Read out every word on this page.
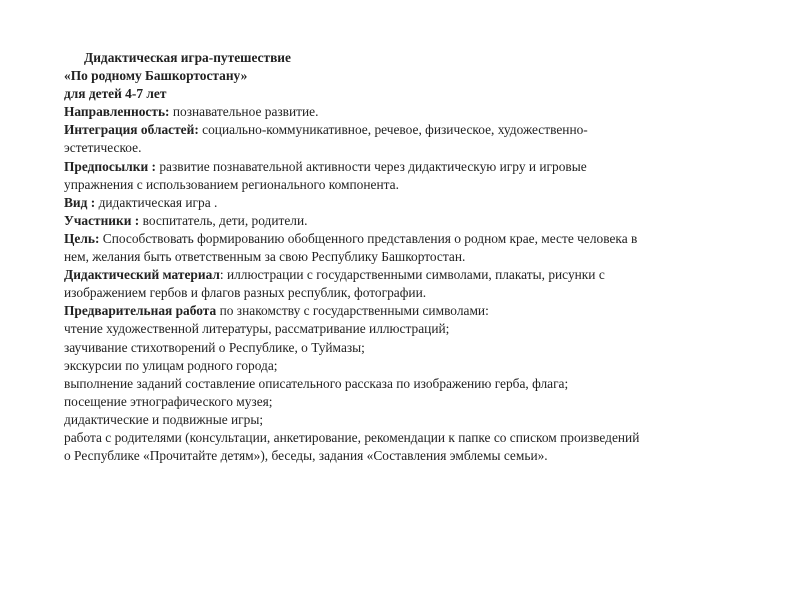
Дидактическая игра-путешествие
«По родному Башкортостану»
для детей 4-7 лет
Направленность: познавательное развитие.
Интеграция областей: социально-коммуникативное, речевое, физическое, художественно-
эстетическое.
Предпосылки : развитие познавательной активности через дидактическую игру и игровые
упражнения с использованием регионального компонента.
Вид : дидактическая игра .
Участники : воспитатель, дети, родители.
Цель: Способствовать формированию обобщенного представления о родном крае, месте человека в
нем, желания быть ответственным за свою Республику Башкортостан.
Дидактический материал: иллюстрации с государственными символами, плакаты, рисунки с
изображением гербов и флагов разных республик, фотографии.
Предварительная работа по знакомству с государственными символами:
чтение художественной литературы, рассматривание иллюстраций;
заучивание стихотворений о Республике, о Туймазы;
экскурсии по улицам родного города;
выполнение заданий составление описательного рассказа по изображению герба, флага;
посещение этнографического музея;
дидактические и подвижные игры;
работа с родителями (консультации, анкетирование, рекомендации к папке со списком произведений
о Республике «Прочитайте детям»), беседы, задания «Составления эмблемы семьи».
